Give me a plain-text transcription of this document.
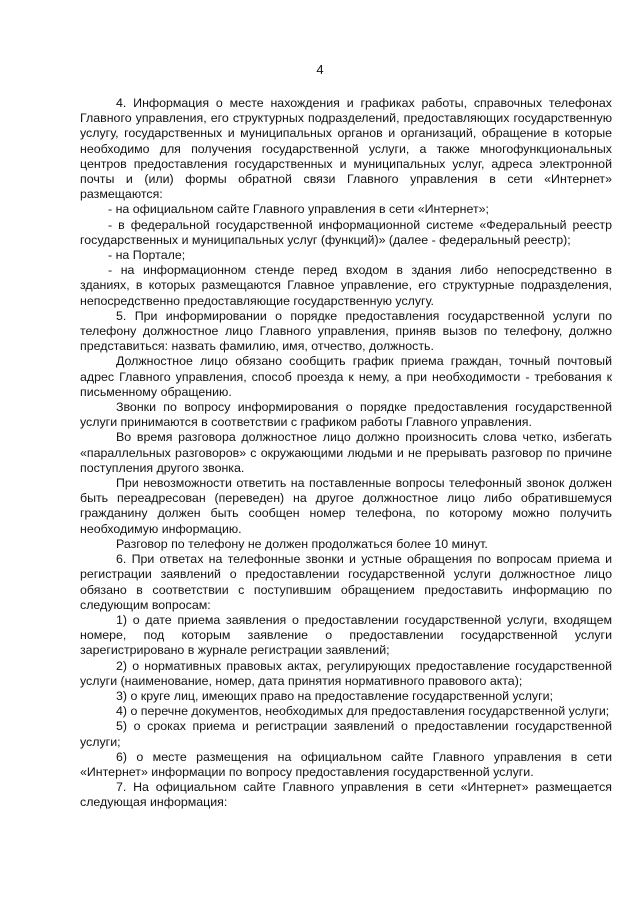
4

4. Информация о месте нахождения и графиках работы, справочных телефонах Главного управления, его структурных подразделений, предоставляющих государственную услугу, государственных и муниципальных органов и организаций, обращение в которые необходимо для получения государственной услуги, а также многофункциональных центров предоставления государственных и муниципальных услуг, адреса электронной почты и (или) формы обратной связи Главного управления в сети «Интернет» размещаются:

- на официальном сайте Главного управления в сети «Интернет»;

- в федеральной государственной информационной системе «Федеральный реестр государственных и муниципальных услуг (функций)» (далее - федеральный реестр);

- на Портале;

- на информационном стенде перед входом в здания либо непосредственно в зданиях, в которых размещаются Главное управление, его структурные подразделения, непосредственно предоставляющие государственную услугу.

5. При информировании о порядке предоставления государственной услуги по телефону должностное лицо Главного управления, приняв вызов по телефону, должно представиться: назвать фамилию, имя, отчество, должность.

Должностное лицо обязано сообщить график приема граждан, точный почтовый адрес Главного управления, способ проезда к нему, а при необходимости - требования к письменному обращению.

Звонки по вопросу информирования о порядке предоставления государственной услуги принимаются в соответствии с графиком работы Главного управления.

Во время разговора должностное лицо должно произносить слова четко, избегать «параллельных разговоров» с окружающими людьми и не прерывать разговор по причине поступления другого звонка.

При невозможности ответить на поставленные вопросы телефонный звонок должен быть переадресован (переведен) на другое должностное лицо либо обратившемуся гражданину должен быть сообщен номер телефона, по которому можно получить необходимую информацию.

Разговор по телефону не должен продолжаться более 10 минут.

6. При ответах на телефонные звонки и устные обращения по вопросам приема и регистрации заявлений о предоставлении государственной услуги должностное лицо обязано в соответствии с поступившим обращением предоставить информацию по следующим вопросам:

1) о дате приема заявления о предоставлении государственной услуги, входящем номере, под которым заявление о предоставлении государственной услуги зарегистрировано в журнале регистрации заявлений;

2) о нормативных правовых актах, регулирующих предоставление государственной услуги (наименование, номер, дата принятия нормативного правового акта);

3) о круге лиц, имеющих право на предоставление государственной услуги;

4) о перечне документов, необходимых для предоставления государственной услуги;

5) о сроках приема и регистрации заявлений о предоставлении государственной услуги;

6) о месте размещения на официальном сайте Главного управления в сети «Интернет» информации по вопросу предоставления государственной услуги.

7. На официальном сайте Главного управления в сети «Интернет» размещается следующая информация:
